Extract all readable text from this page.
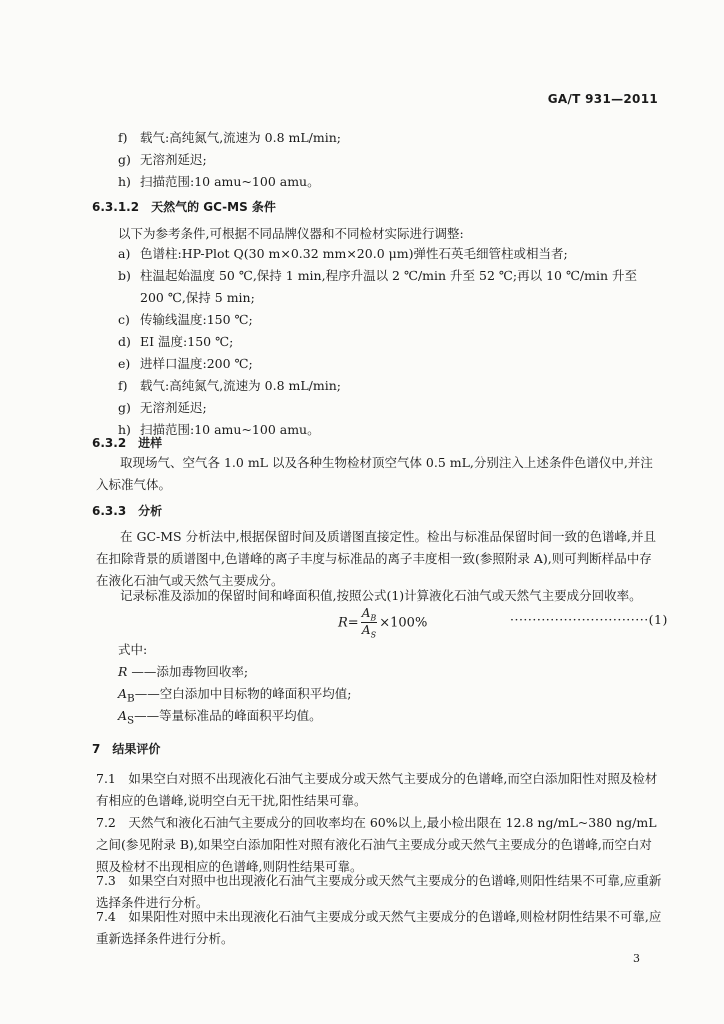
GA/T 931—2011
f) 载气:高纯氮气,流速为 0.8 mL/min;
g) 无溶剂延迟;
h) 扫描范围:10 amu~100 amu。
6.3.1.2　天然气的 GC-MS 条件
以下为参考条件,可根据不同品牌仪器和不同检材实际进行调整:
a) 色谱柱:HP-Plot Q(30 m×0.32 mm×20.0 μm)弹性石英毛细管柱或相当者;
b) 柱温起始温度 50 ℃,保持 1 min,程序升温以 2 ℃/min 升至 52 ℃;再以 10 ℃/min 升至
200 ℃,保持 5 min;
c) 传输线温度:150 ℃;
d) EI 温度:150 ℃;
e) 进样口温度:200 ℃;
f) 载气:高纯氮气,流速为 0.8 mL/min;
g) 无溶剂延迟;
h) 扫描范围:10 amu~100 amu。
6.3.2　进样
取现场气、空气各 1.0 mL 以及各种生物检材顶空气体 0.5 mL,分别注入上述条件色谱仪中,并注入标准气体。
6.3.3　分析
在 GC-MS 分析法中,根据保留时间及质谱图直接定性。检出与标准品保留时间一致的色谱峰,并且在扣除背景的质谱图中,色谱峰的离子丰度与标准品的离子丰度相一致(参照附录 A),则可判断样品中存在液化石油气或天然气主要成分。
记录标准及添加的保留时间和峰面积值,按照公式(1)计算液化石油气或天然气主要成分回收率。
$R= \frac{A_B}{A_S} \times 100\%$	·······························(1)
式中:
R ——添加毒物回收率;
$A_B——$空白添加中目标物的峰面积平均值;
$A_S——$等量标准品的峰面积平均值。
7　结果评价
7.1　如果空白对照不出现液化石油气主要成分或天然气主要成分的色谱峰,而空白添加阳性对照及检材有相应的色谱峰,说明空白无干扰,阳性结果可靠。
7.2　天然气和液化石油气主要成分的回收率均在 60%以上,最小检出限在 12.8 ng/mL~380 ng/mL之间(参见附录 B),如果空白添加阳性对照有液化石油气主要成分或天然气主要成分的色谱峰,而空白对照及检材不出现相应的色谱峰,则阴性结果可靠。
7.3　如果空白对照中也出现液化石油气主要成分或天然气主要成分的色谱峰,则阳性结果不可靠,应重新选择条件进行分析。
7.4　如果阳性对照中未出现液化石油气主要成分或天然气主要成分的色谱峰,则检材阴性结果不可靠,应重新选择条件进行分析。
3
